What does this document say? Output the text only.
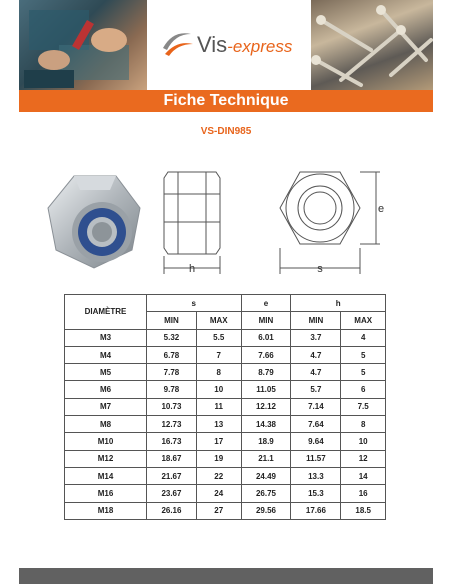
Vis-express
Fiche Technique
VS-DIN985
h	s
e
DIAMÈTRE	s		e	h	
	MIN	MAX	MIN	MIN	MAX
M3	5.32	5.5	6.01	3.7	4
M4	6.78	7	7.66	4.7	5
M5	7.78	8	8.79	4.7	5
M6	9.78	10	11.05	5.7	6
M7	10.73	11	12.12	7.14	7.5
M8	12.73	13	14.38	7.64	8
M10	16.73	17	18.9	9.64	10
M12	18.67	19	21.1	11.57	12
M14	21.67	22	24.49	13.3	14
M16	23.67	24	26.75	15.3	16
M18	26.16	27	29.56	17.66	18.5
